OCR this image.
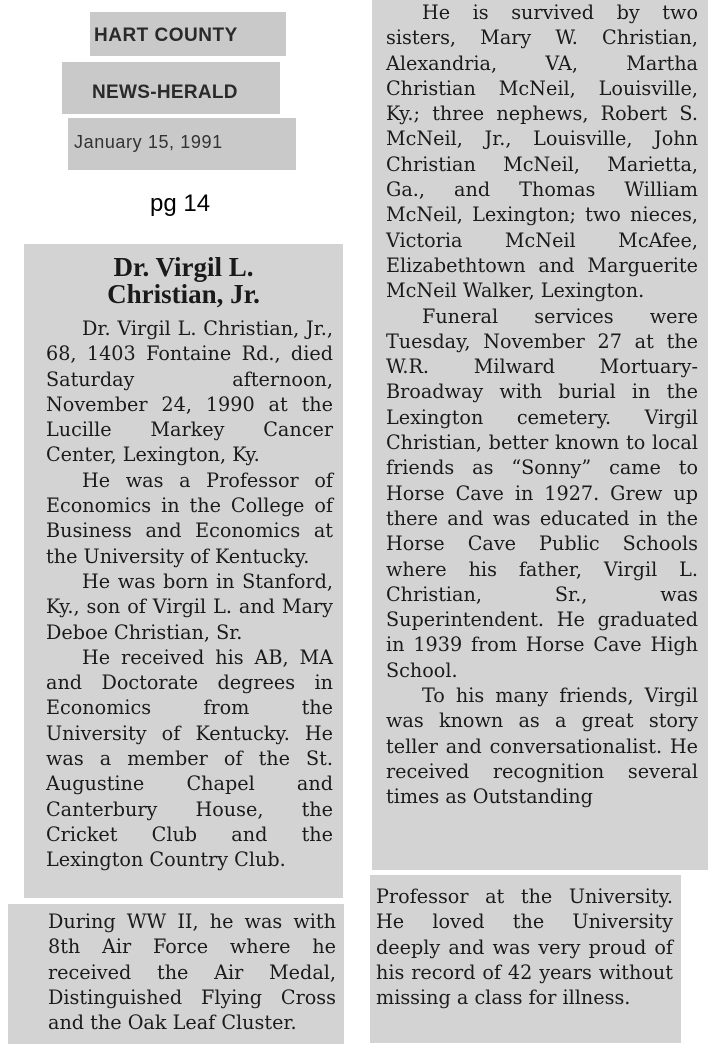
HART COUNTY
NEWS-HERALD
January 15, 1991
pg 14
Dr. Virgil L.
Christian, Jr.

Dr. Virgil L. Christian, Jr., 68, 1403 Fontaine Rd., died Saturday afternoon, November 24, 1990 at the Lucille Markey Cancer Center, Lexington, Ky.

He was a Professor of Economics in the College of Business and Economics at the University of Kentucky.

He was born in Stanford, Ky., son of Virgil L. and Mary Deboe Christian, Sr.

He received his AB, MA and Doctorate degrees in Economics from the University of Kentucky. He was a member of the St. Augustine Chapel and Canterbury House, the Cricket Club and the Lexington Country Club.

During WW II, he was with 8th Air Force where he received the Air Medal, Distinguished Flying Cross and the Oak Leaf Cluster.

He is survived by two sisters, Mary W. Christian, Alexandria, VA, Martha Christian McNeil, Louisville, Ky.; three nephews, Robert S. McNeil, Jr., Louisville, John Christian McNeil, Marietta, Ga., and Thomas William McNeil, Lexington; two nieces, Victoria McNeil McAfee, Elizabethtown and Marguerite McNeil Walker, Lexington.

Funeral services were Tuesday, November 27 at the W.R. Milward Mortuary-Broadway with burial in the Lexington cemetery. Virgil Christian, better known to local friends as “Sonny” came to Horse Cave in 1927. Grew up there and was educated in the Horse Cave Public Schools where his father, Virgil L. Christian, Sr., was Superintendent. He graduated in 1939 from Horse Cave High School.

To his many friends, Virgil was known as a great story teller and conversationalist. He received recognition several times as Outstanding

Professor at the University. He loved the University deeply and was very proud of his record of 42 years without missing a class for illness.
